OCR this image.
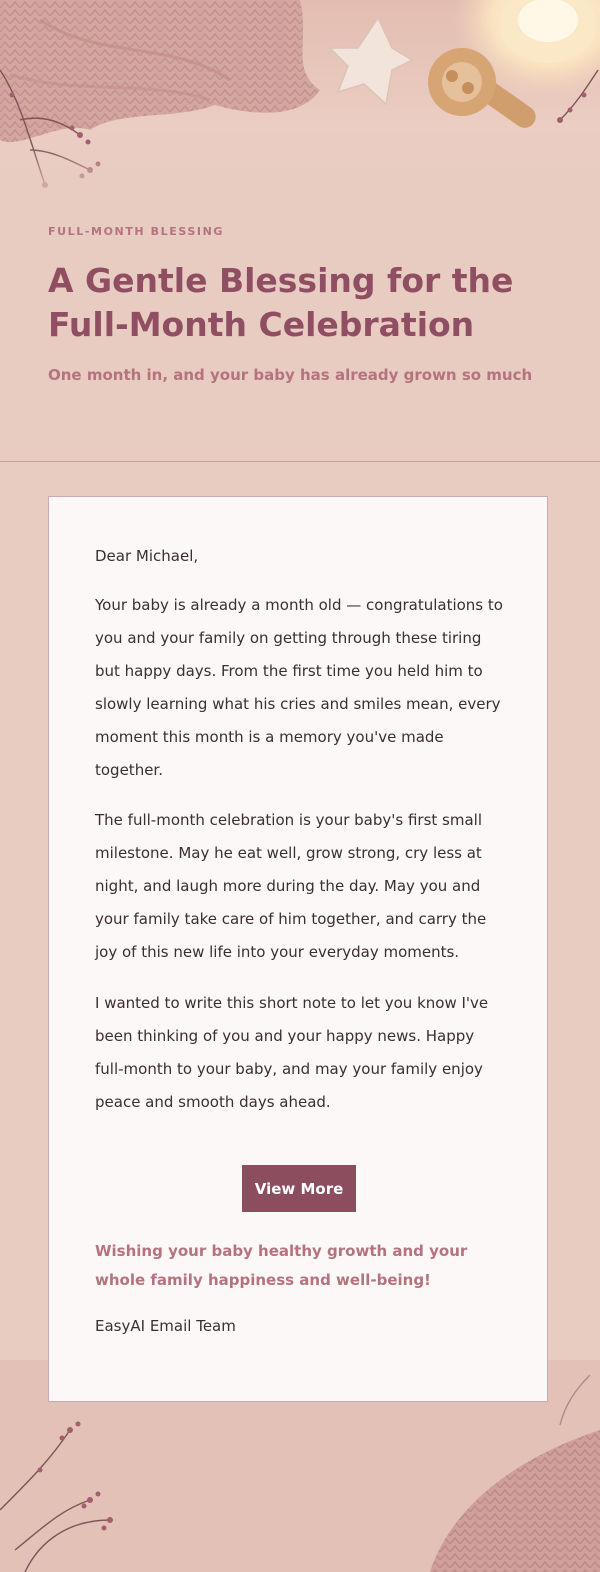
FULL-MONTH BLESSING
A Gentle Blessing for the Full-Month Celebration
One month in, and your baby has already grown so much
Dear Michael,

Your baby is already a month old — congratulations to you and your family on getting through these tiring but happy days. From the first time you held him to slowly learning what his cries and smiles mean, every moment this month is a memory you've made together.

The full-month celebration is your baby's first small milestone. May he eat well, grow strong, cry less at night, and laugh more during the day. May you and your family take care of him together, and carry the joy of this new life into your everyday moments.

I wanted to write this short note to let you know I've been thinking of you and your happy news. Happy full-month to your baby, and may your family enjoy peace and smooth days ahead.

View More

Wishing your baby healthy growth and your whole family happiness and well-being!

EasyAI Email Team
